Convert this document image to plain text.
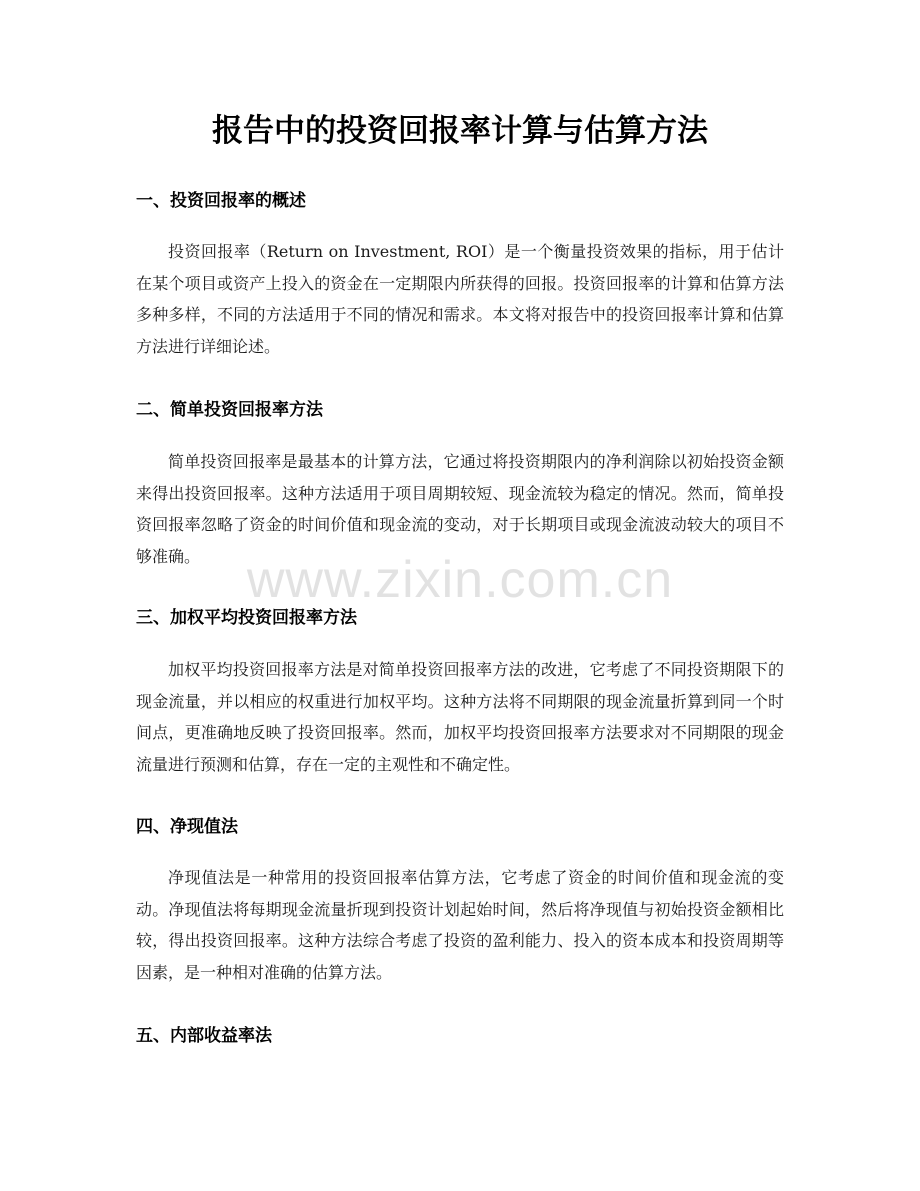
报告中的投资回报率计算与估算方法
一、投资回报率的概述

投资回报率（Return on Investment, ROI）是一个衡量投资效果的指标，用于估计在某个项目或资产上投入的资金在一定期限内所获得的回报。投资回报率的计算和估算方法多种多样，不同的方法适用于不同的情况和需求。本文将对报告中的投资回报率计算和估算方法进行详细论述。

二、简单投资回报率方法

简单投资回报率是最基本的计算方法，它通过将投资期限内的净利润除以初始投资金额来得出投资回报率。这种方法适用于项目周期较短、现金流较为稳定的情况。然而，简单投资回报率忽略了资金的时间价值和现金流的变动，对于长期项目或现金流波动较大的项目不够准确。

三、加权平均投资回报率方法

加权平均投资回报率方法是对简单投资回报率方法的改进，它考虑了不同投资期限下的现金流量，并以相应的权重进行加权平均。这种方法将不同期限的现金流量折算到同一个时间点，更准确地反映了投资回报率。然而，加权平均投资回报率方法要求对不同期限的现金流量进行预测和估算，存在一定的主观性和不确定性。

四、净现值法

净现值法是一种常用的投资回报率估算方法，它考虑了资金的时间价值和现金流的变动。净现值法将每期现金流量折现到投资计划起始时间，然后将净现值与初始投资金额相比较，得出投资回报率。这种方法综合考虑了投资的盈利能力、投入的资本成本和投资周期等因素，是一种相对准确的估算方法。

五、内部收益率法
www.zixin.com.cn
